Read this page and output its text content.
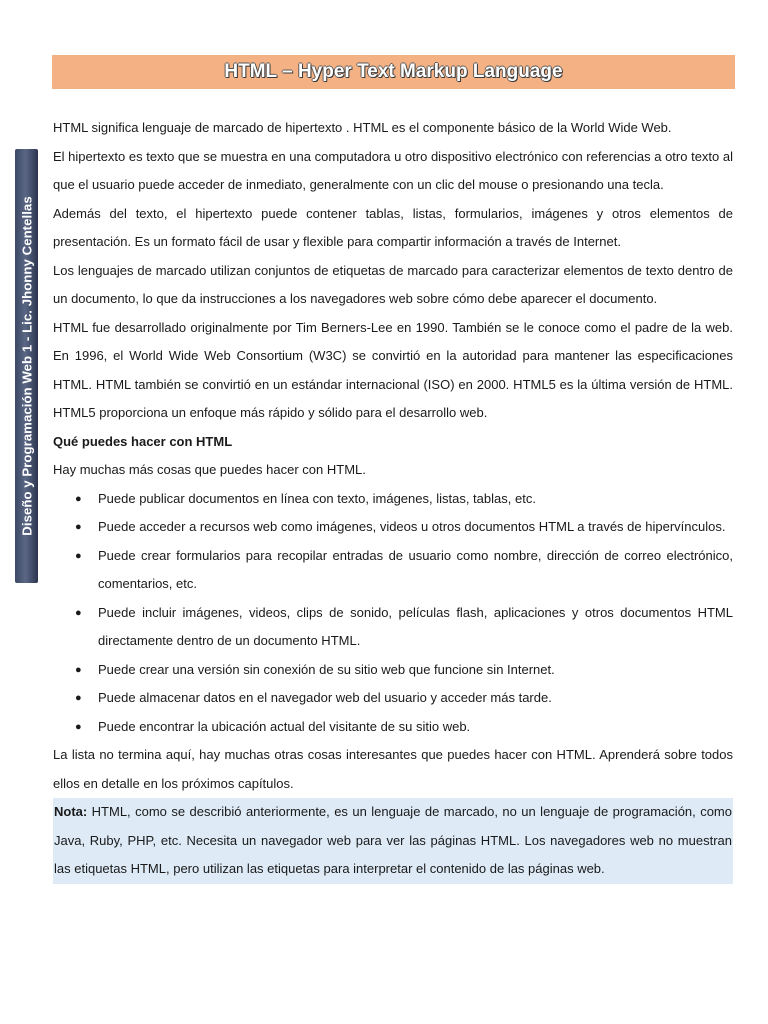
Diseño y Programación Web 1 - Lic. Jhonny Centellas
HTML – Hyper Text Markup Language

HTML significa lenguaje de marcado de hipertexto . HTML es el componente básico de la World Wide Web.

El hipertexto es texto que se muestra en una computadora u otro dispositivo electrónico con referencias a otro texto al que el usuario puede acceder de inmediato, generalmente con un clic del mouse o presionando una tecla.

Además del texto, el hipertexto puede contener tablas, listas, formularios, imágenes y otros elementos de presentación. Es un formato fácil de usar y flexible para compartir información a través de Internet.

Los lenguajes de marcado utilizan conjuntos de etiquetas de marcado para caracterizar elementos de texto dentro de un documento, lo que da instrucciones a los navegadores web sobre cómo debe aparecer el documento.

HTML fue desarrollado originalmente por Tim Berners-Lee en 1990. También se le conoce como el padre de la web. En 1996, el World Wide Web Consortium (W3C) se convirtió en la autoridad para mantener las especificaciones HTML. HTML también se convirtió en un estándar internacional (ISO) en 2000. HTML5 es la última versión de HTML. HTML5 proporciona un enfoque más rápido y sólido para el desarrollo web.

Qué puedes hacer con HTML

Hay muchas más cosas que puedes hacer con HTML.

● Puede publicar documentos en línea con texto, imágenes, listas, tablas, etc.
● Puede acceder a recursos web como imágenes, videos u otros documentos HTML a través de hipervínculos.
● Puede crear formularios para recopilar entradas de usuario como nombre, dirección de correo electrónico, comentarios, etc.
● Puede incluir imágenes, videos, clips de sonido, películas flash, aplicaciones y otros documentos HTML directamente dentro de un documento HTML.
● Puede crear una versión sin conexión de su sitio web que funcione sin Internet.
● Puede almacenar datos en el navegador web del usuario y acceder más tarde.
● Puede encontrar la ubicación actual del visitante de su sitio web.

La lista no termina aquí, hay muchas otras cosas interesantes que puedes hacer con HTML. Aprenderá sobre todos ellos en detalle en los próximos capítulos.

Nota: HTML, como se describió anteriormente, es un lenguaje de marcado, no un lenguaje de programación, como Java, Ruby, PHP, etc. Necesita un navegador web para ver las páginas HTML. Los navegadores web no muestran las etiquetas HTML, pero utilizan las etiquetas para interpretar el contenido de las páginas web.
